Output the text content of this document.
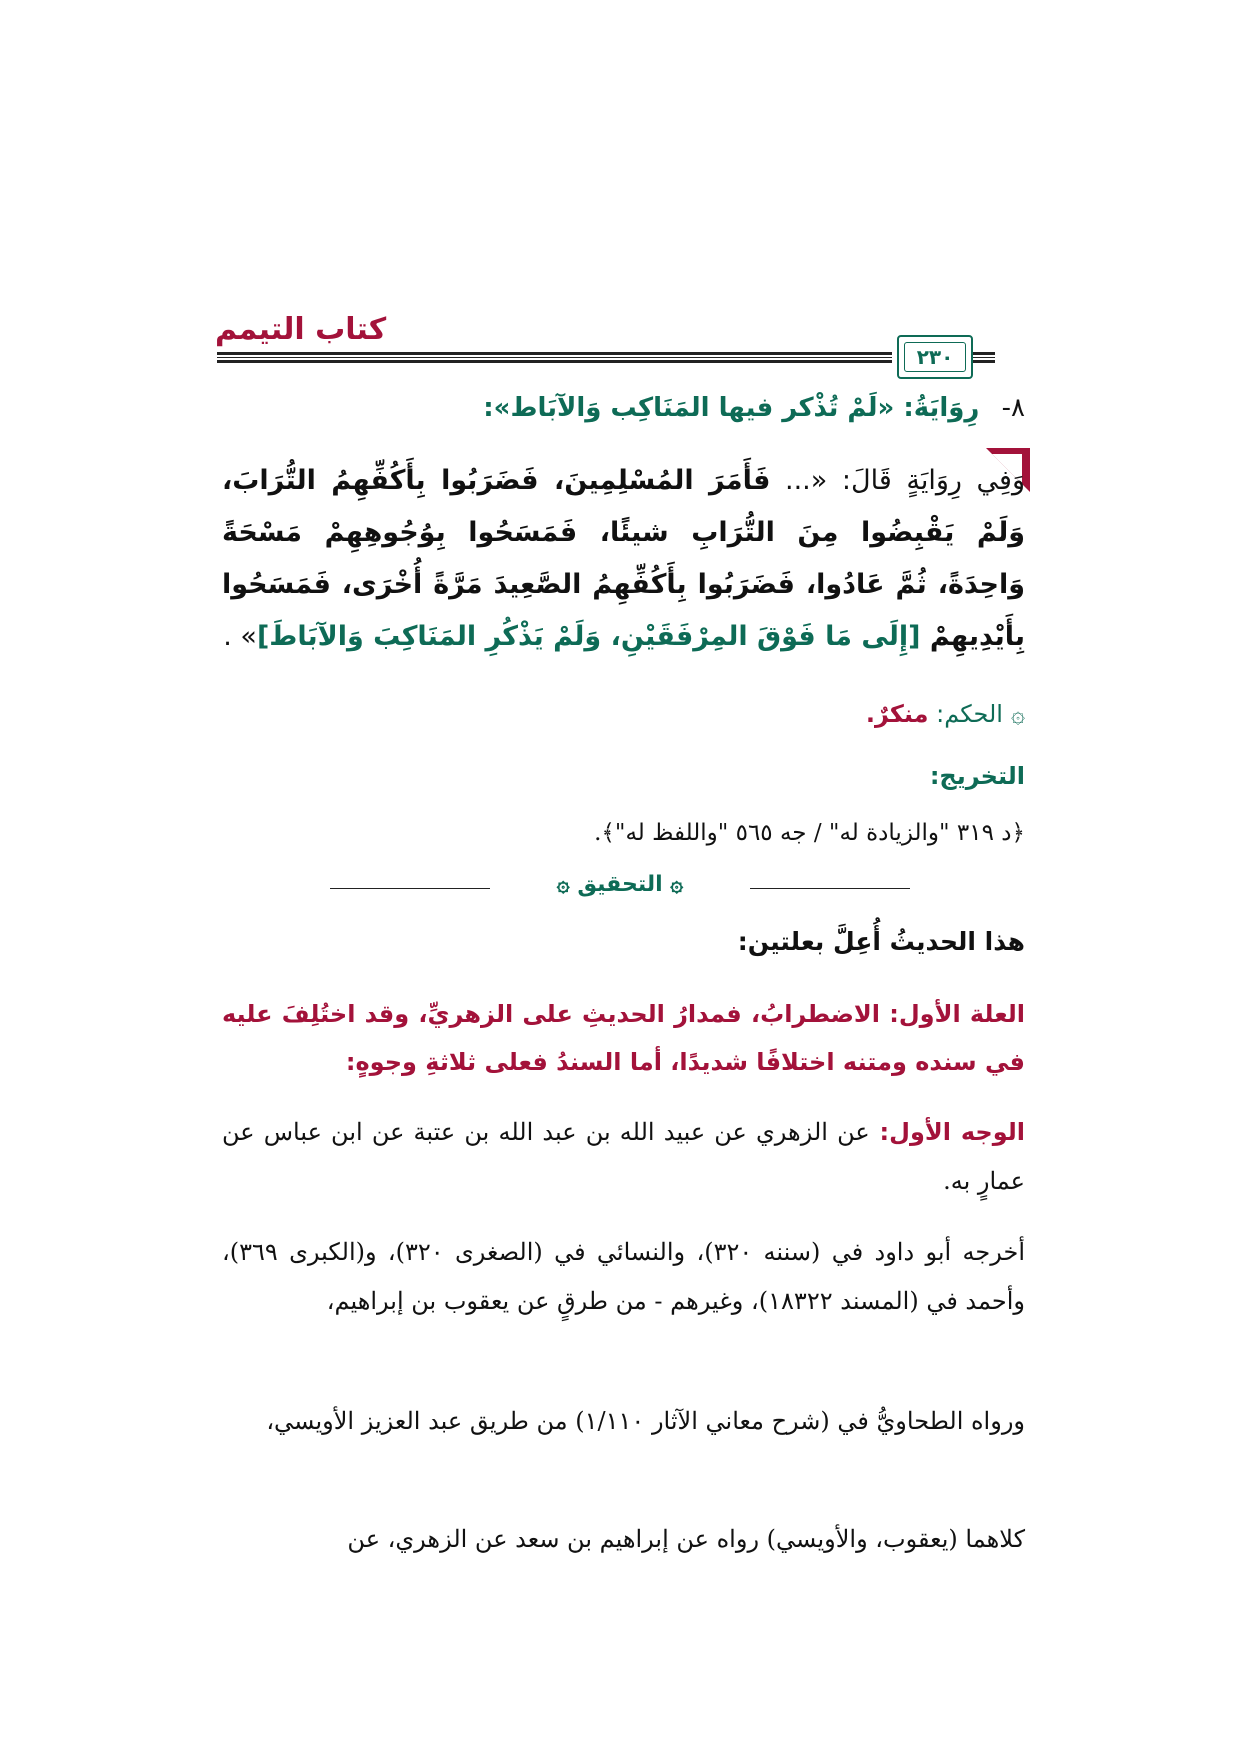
كتاب التيمم
٢٣٠
٨- رِوَايَةُ: «لَمْ تُذْكر فيها المَنَاكِب وَالآبَاط»:
وَفِي رِوَايَةٍ قَالَ: «... فَأَمَرَ المُسْلِمِينَ، فَضَرَبُوا بِأَكُفِّهِمُ التُّرَابَ، وَلَمْ يَقْبِضُوا مِنَ التُّرَابِ شيئًا، فَمَسَحُوا بِوُجُوهِهِمْ مَسْحَةً وَاحِدَةً، ثُمَّ عَادُوا، فَضَرَبُوا بِأَكُفِّهِمُ الصَّعِيدَ مَرَّةً أُخْرَى، فَمَسَحُوا بِأَيْدِيهِمْ [إِلَى مَا فَوْقَ المِرْفَقَيْنِ، وَلَمْ يَذْكُرِ المَنَاكِبَ وَالآبَاطَ]» .
۞الحكم: منكرٌ.
التخريج:
﴿د ٣١٩ "والزيادة له" / جه ٥٦٥ "واللفظ له"﴾.
۞ التحقيق ۞
هذا الحديثُ أُعِلَّ بعلتين:
العلة الأول: الاضطرابُ، فمدارُ الحديثِ على الزهريِّ، وقد اختُلِفَ عليه في سنده ومتنه اختلافًا شديدًا، أما السندُ فعلى ثلاثةِ وجوهٍ:
الوجه الأول: عن الزهري عن عبيد الله بن عبد الله بن عتبة عن ابن عباس عن عمارٍ به.
أخرجه أبو داود في (سننه ٣٢٠)، والنسائي في (الصغرى ٣٢٠)، و(الكبرى ٣٦٩)، وأحمد في (المسند ١٨٣٢٢)، وغيرهم - من طرقٍ عن يعقوب بن إبراهيم،
ورواه الطحاويُّ في (شرح معاني الآثار ١/١١٠) من طريق عبد العزيز الأويسي،
كلاهما (يعقوب، والأويسي) رواه عن إبراهيم بن سعد عن الزهري، عن
